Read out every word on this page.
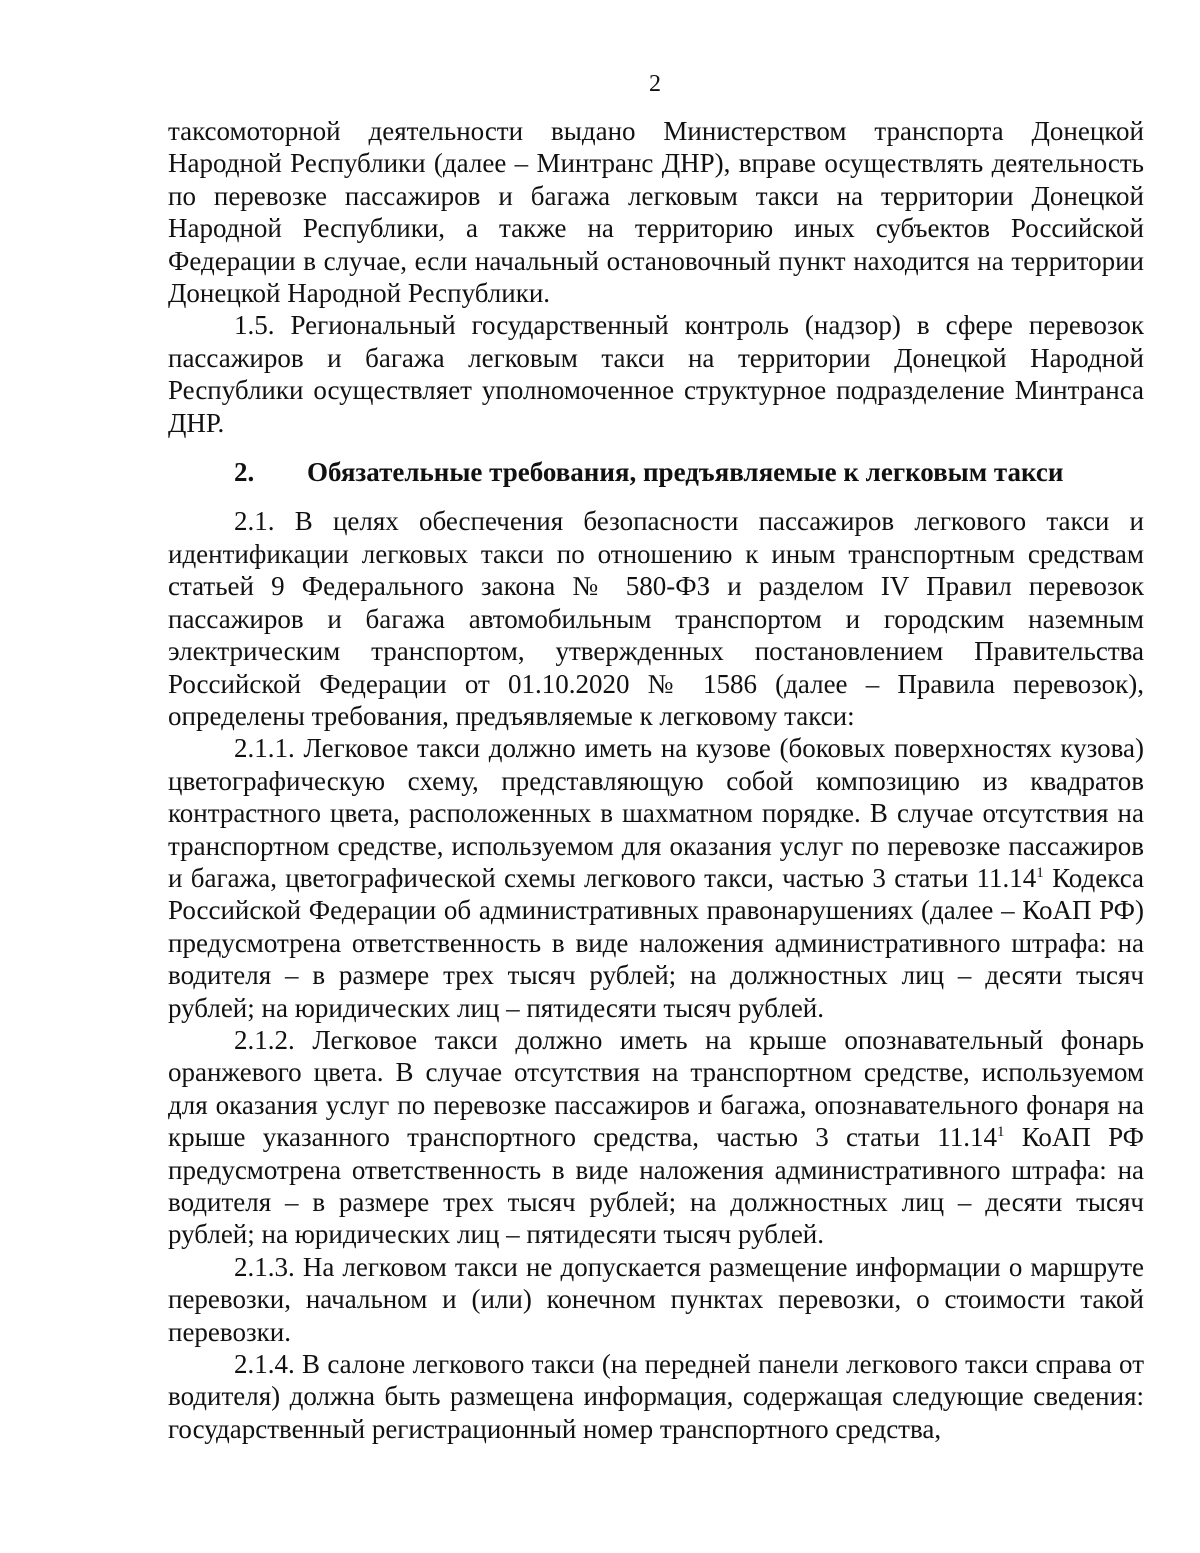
2

таксомоторной деятельности выдано Министерством транспорта Донецкой Народной Республики (далее – Минтранс ДНР), вправе осуществлять деятельность по перевозке пассажиров и багажа легковым такси на территории Донецкой Народной Республики, а также на территорию иных субъектов Российской Федерации в случае, если начальный остановочный пункт находится на территории Донецкой Народной Республики.

1.5. Региональный государственный контроль (надзор) в сфере перевозок пассажиров и багажа легковым такси на территории Донецкой Народной Республики осуществляет уполномоченное структурное подразделение Минтранса ДНР.

2. Обязательные требования, предъявляемые к легковым такси

2.1. В целях обеспечения безопасности пассажиров легкового такси и идентификации легковых такси по отношению к иным транспортным средствам статьей 9 Федерального закона № 580-ФЗ и разделом IV Правил перевозок пассажиров и багажа автомобильным транспортом и городским наземным электрическим транспортом, утвержденных постановлением Правительства Российской Федерации от 01.10.2020 № 1586 (далее – Правила перевозок), определены требования, предъявляемые к легковому такси:

2.1.1. Легковое такси должно иметь на кузове (боковых поверхностях кузова) цветографическую схему, представляющую собой композицию из квадратов контрастного цвета, расположенных в шахматном порядке. В случае отсутствия на транспортном средстве, используемом для оказания услуг по перевозке пассажиров и багажа, цветографической схемы легкового такси, частью 3 статьи 11.14$^1$ Кодекса Российской Федерации об административных правонарушениях (далее – КоАП РФ) предусмотрена ответственность в виде наложения административного штрафа: на водителя – в размере трех тысяч рублей; на должностных лиц – десяти тысяч рублей; на юридических лиц – пятидесяти тысяч рублей.

2.1.2. Легковое такси должно иметь на крыше опознавательный фонарь оранжевого цвета. В случае отсутствия на транспортном средстве, используемом для оказания услуг по перевозке пассажиров и багажа, опознавательного фонаря на крыше указанного транспортного средства, частью 3 статьи 11.14$^1$ КоАП РФ предусмотрена ответственность в виде наложения административного штрафа: на водителя – в размере трех тысяч рублей; на должностных лиц – десяти тысяч рублей; на юридических лиц – пятидесяти тысяч рублей.

2.1.3. На легковом такси не допускается размещение информации о маршруте перевозки, начальном и (или) конечном пунктах перевозки, о стоимости такой перевозки.

2.1.4. В салоне легкового такси (на передней панели легкового такси справа от водителя) должна быть размещена информация, содержащая следующие сведения: государственный регистрационный номер транспортного средства,
